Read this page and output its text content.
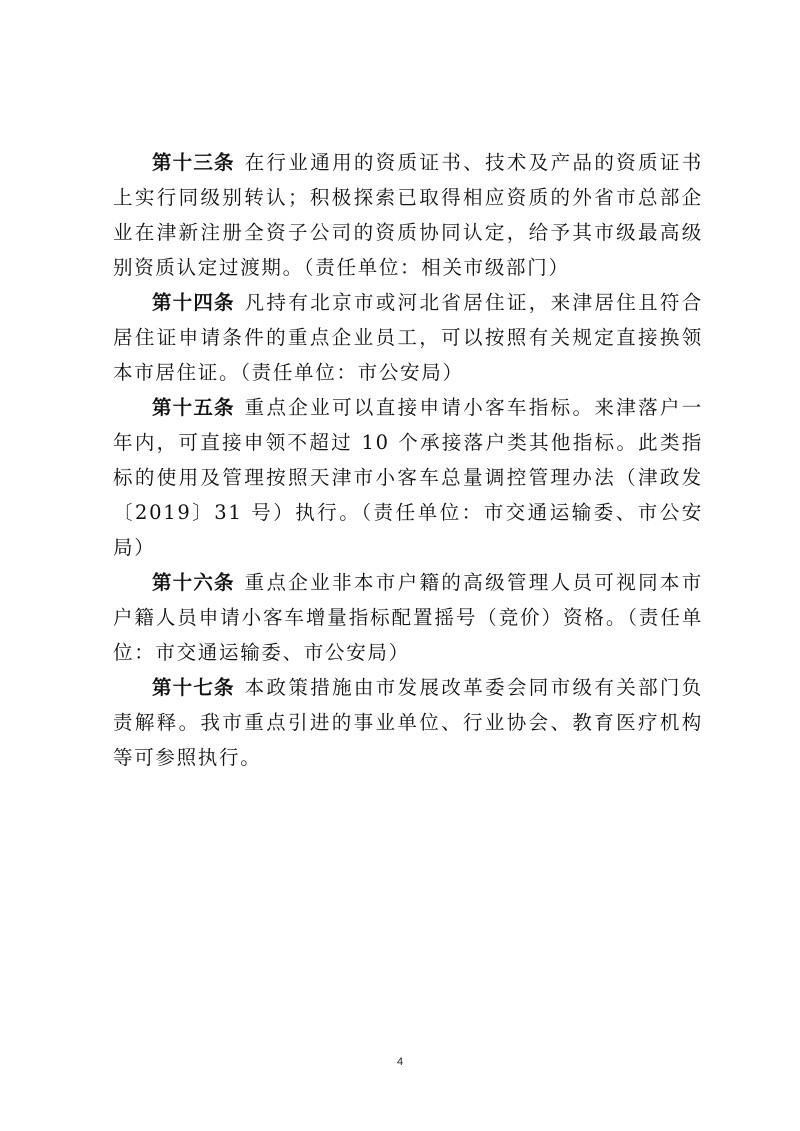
第十三条 在行业通用的资质证书、技术及产品的资质证书上实行同级别转认；积极探索已取得相应资质的外省市总部企业在津新注册全资子公司的资质协同认定，给予其市级最高级别资质认定过渡期。（责任单位：相关市级部门）

第十四条 凡持有北京市或河北省居住证，来津居住且符合居住证申请条件的重点企业员工，可以按照有关规定直接换领本市居住证。（责任单位：市公安局）

第十五条 重点企业可以直接申请小客车指标。来津落户一年内，可直接申领不超过 10 个承接落户类其他指标。此类指标的使用及管理按照天津市小客车总量调控管理办法（津政发〔2019〕31 号）执行。（责任单位：市交通运输委、市公安局）

第十六条 重点企业非本市户籍的高级管理人员可视同本市户籍人员申请小客车增量指标配置摇号（竞价）资格。（责任单位：市交通运输委、市公安局）

第十七条 本政策措施由市发展改革委会同市级有关部门负责解释。我市重点引进的事业单位、行业协会、教育医疗机构等可参照执行。

4
